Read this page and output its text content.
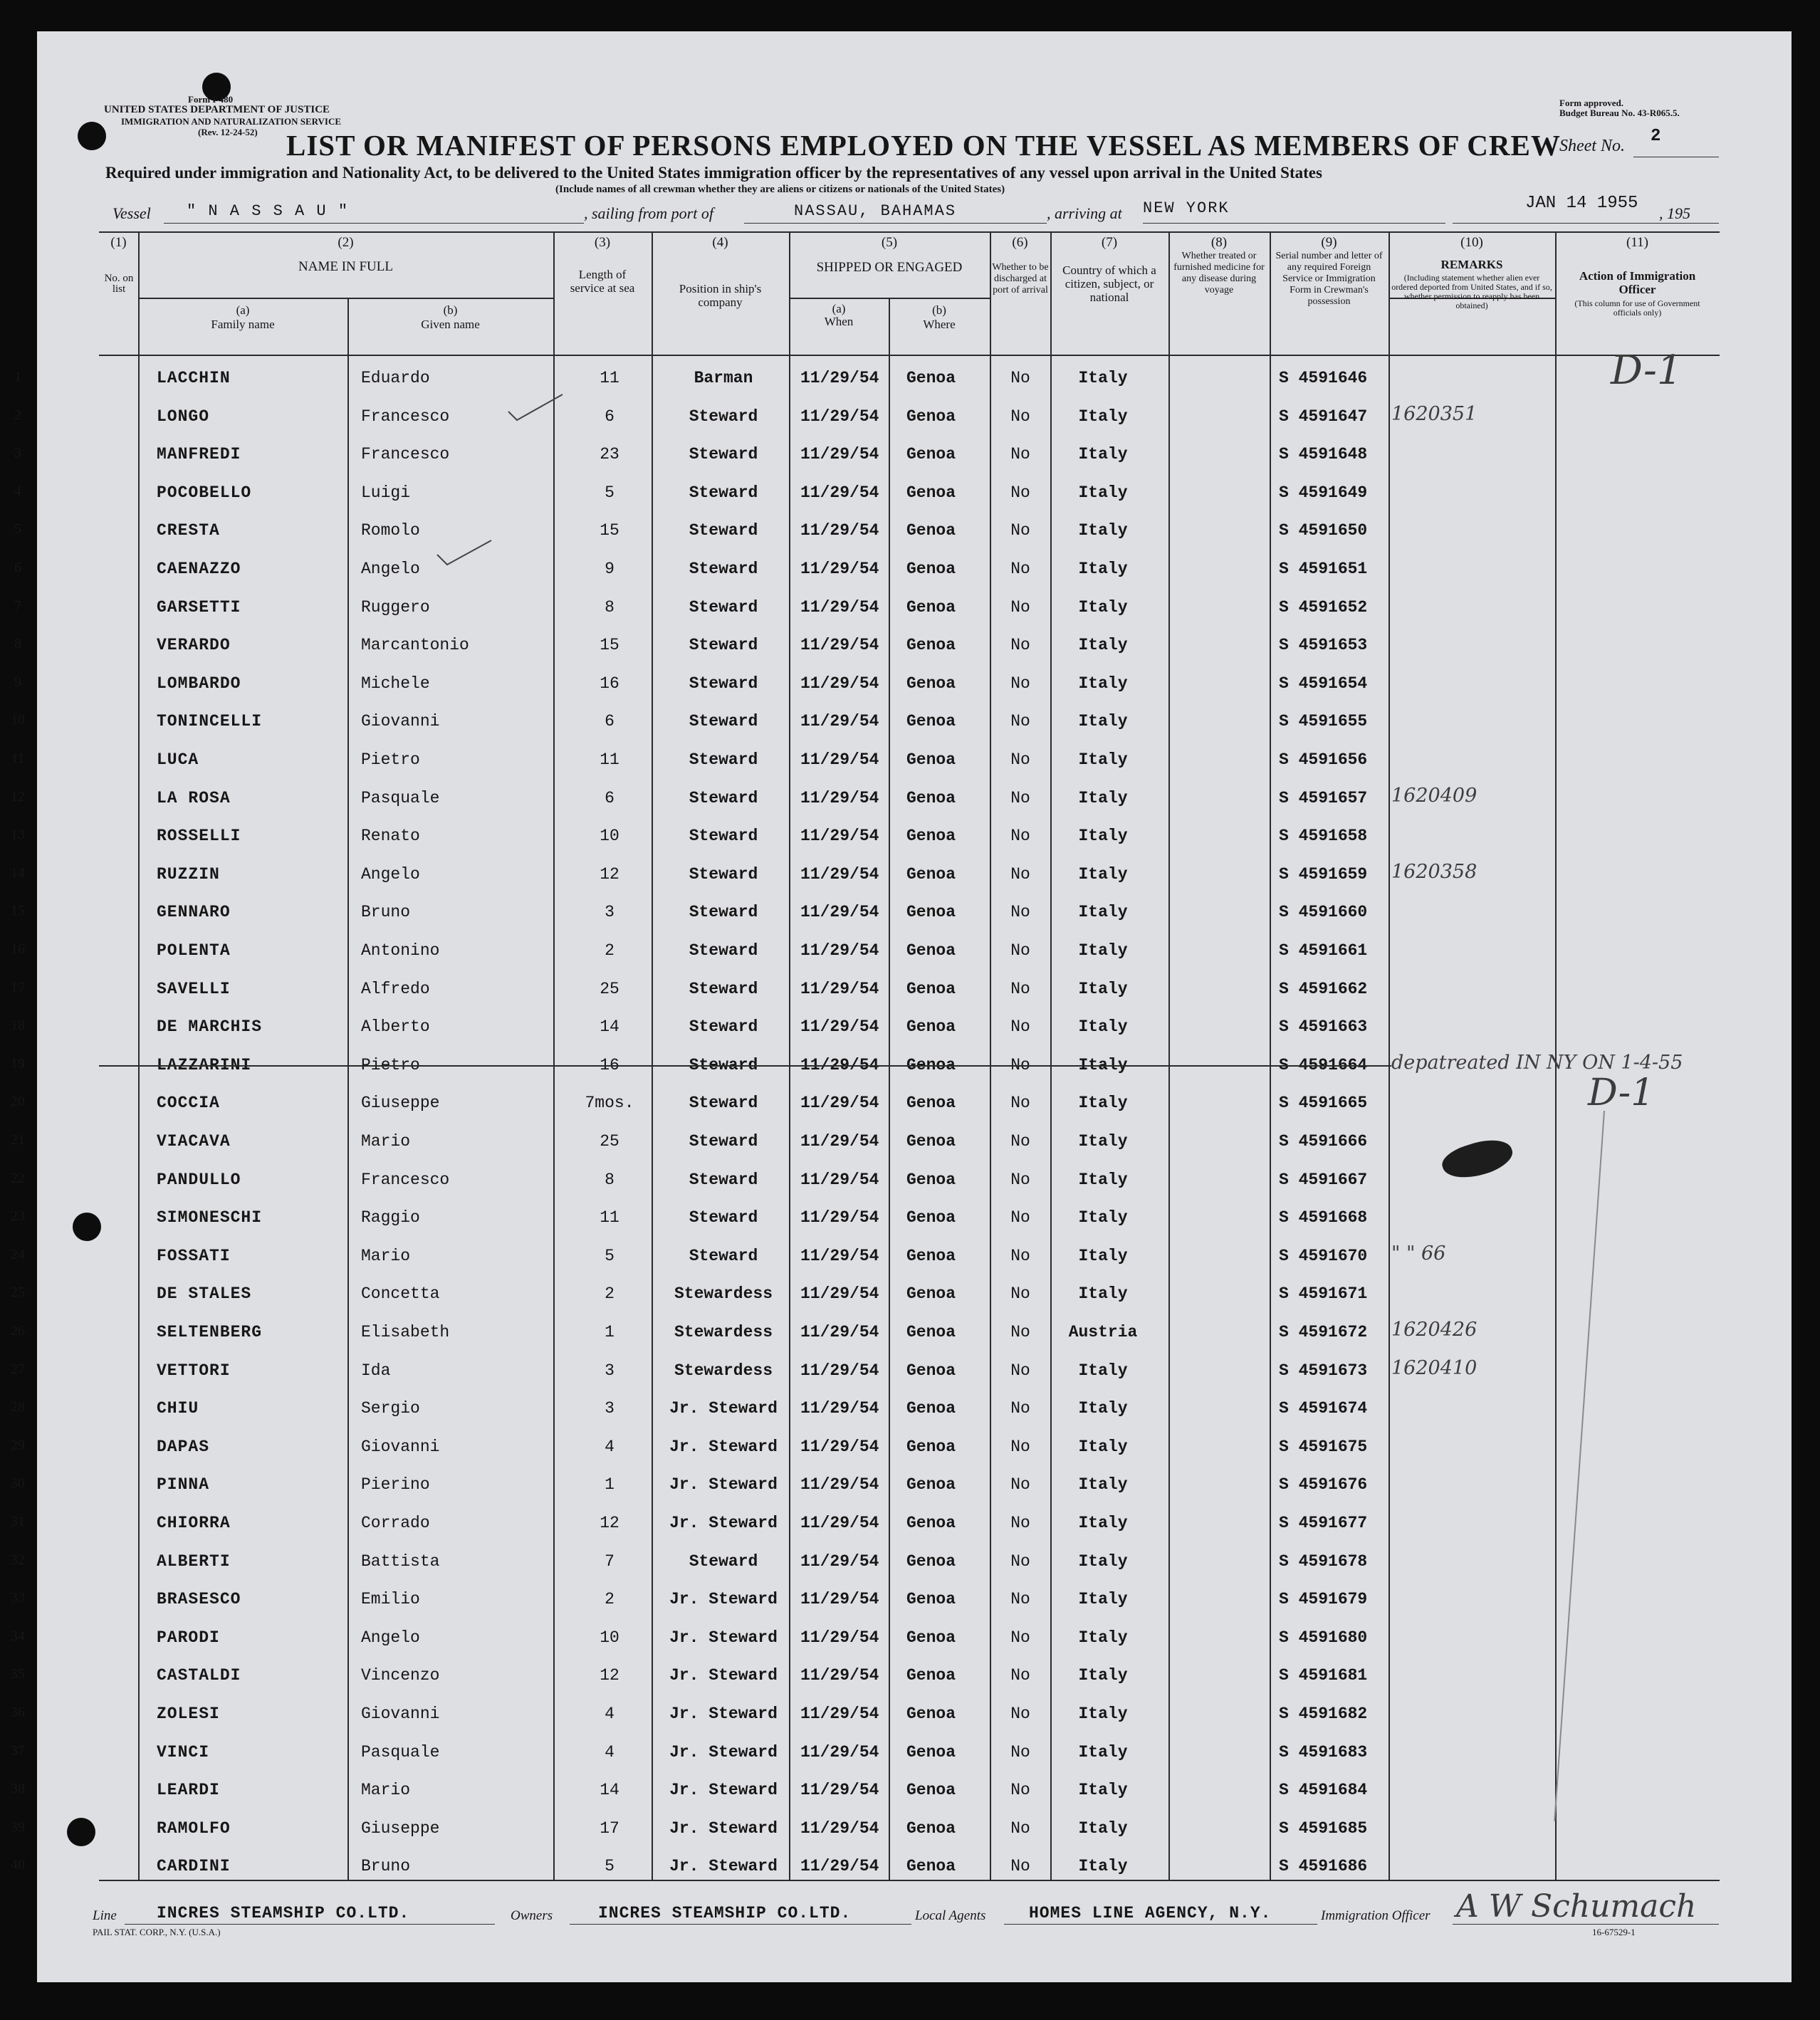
Form I-480
UNITED STATES DEPARTMENT OF JUSTICE
IMMIGRATION AND NATURALIZATION SERVICE
(Rev. 12-24-52)
Form approved.
Budget Bureau No. 43-R065.5.
LIST OR MANIFEST OF PERSONS EMPLOYED ON THE VESSEL AS MEMBERS OF CREW
Sheet No. 2
Required under immigration and Nationality Act, to be delivered to the United States immigration officer by the representatives of any vessel upon arrival in the United States
(Include names of all crewman whether they are aliens or citizens or nationals of the United States)
Vessel " N A S S A U "	, sailing from port of	NASSAU, BAHAMAS	, arriving at NEW YORK	JAN 14 1955
, 195
(1)	(2)	(3)	(4)	(5)	(6)	(7)	(8)	(9)	(10)	(11)
No. on list
NAME IN FULL
(a)
Family name
(b)
Given name
Length of service at sea	Position in ship's company
SHIPPED OR ENGAGED
(a)
When
(b)
Where
Whether to be discharged at port of arrival
Country of which a citizen, subject, or national
Whether treated or furnished medicine for any disease during voyage
Serial number and letter of any required Foreign Service or Immigration Form in Crewman's possession
REMARKS
(Including statement whether alien ever ordered deported from United States, and if so, whether permission to reapply has been obtained)
Action of Immigration Officer
(This column for use of Government officials only)
1	LACCHIN	Eduardo	11	Barman	11/29/54 Genoa	No	Italy	S 4591646
2	LONGO	Francesco	6	Steward	11/29/54 Genoa	No	Italy	S 4591647 1620351
3	MANFREDI	Francesco	23	Steward	11/29/54 Genoa	No	Italy	S 4591648
4	POCOBELLO	Luigi	5	Steward	11/29/54 Genoa	No	Italy	S 4591649
5	CRESTA	Romolo	15	Steward	11/29/54 Genoa	No	Italy	S 4591650
6	CAENAZZO	Angelo	9	Steward	11/29/54 Genoa	No	Italy	S 4591651
7	GARSETTI	Ruggero	8	Steward	11/29/54 Genoa	No	Italy	S 4591652
8	VERARDO	Marcantonio	15	Steward	11/29/54 Genoa	No	Italy	S 4591653
9	LOMBARDO	Michele	16	Steward	11/29/54 Genoa	No	Italy	S 4591654
10	TONINCELLI	Giovanni	6	Steward	11/29/54 Genoa	No	Italy	S 4591655
11	LUCA	Pietro	11	Steward	11/29/54 Genoa	No	Italy	S 4591656
12	LA ROSA	Pasquale	6	Steward	11/29/54 Genoa	No	Italy	S 4591657 1620409
13	ROSSELLI	Renato	10	Steward	11/29/54 Genoa	No	Italy	S 4591658
14	RUZZIN	Angelo	12	Steward	11/29/54 Genoa	No	Italy	S 4591659 1620358
15	GENNARO	Bruno	3	Steward	11/29/54 Genoa	No	Italy	S 4591660
16	POLENTA	Antonino	2	Steward	11/29/54 Genoa	No	Italy	S 4591661
17	SAVELLI	Alfredo	25	Steward	11/29/54 Genoa	No	Italy	S 4591662
18	DE MARCHIS	Alberto	14	Steward	11/29/54 Genoa	No	Italy	S 4591663
19	LAZZARINI	Pietro	16	Steward	11/29/54 Genoa	No	Italy	S 4591664 depatreated IN NY ON 1-4-55
20	COCCIA	Giuseppe	7mos.	Steward	11/29/54 Genoa	No	Italy	S 4591665
21	VIACAVA	Mario	25	Steward	11/29/54 Genoa	No	Italy	S 4591666
22	PANDULLO	Francesco	8	Steward	11/29/54 Genoa	No	Italy	S 4591667
23	SIMONESCHI	Raggio	11	Steward	11/29/54 Genoa	No	Italy	S 4591668
24	FOSSATI	Mario	5	Steward	11/29/54 Genoa	No	Italy	S 4591670 " " 66
25	DE STALES	Concetta	2	Stewardess	11/29/54 Genoa	No	Italy	S 4591671
26	SELTENBERG	Elisabeth	1	Stewardess	11/29/54 Genoa	No	Austria	S 4591672 1620426
27	VETTORI	Ida	3	Stewardess	11/29/54 Genoa	No	Italy	S 4591673 1620410
28	CHIU	Sergio	3	Jr. Steward	11/29/54 Genoa	No	Italy	S 4591674
29	DAPAS	Giovanni	4	Jr. Steward	11/29/54 Genoa	No	Italy	S 4591675
30	PINNA	Pierino	1	Jr. Steward	11/29/54 Genoa	No	Italy	S 4591676
31	CHIORRA	Corrado	12	Jr. Steward	11/29/54 Genoa	No	Italy	S 4591677
32	ALBERTI	Battista	7	Steward	11/29/54 Genoa	No	Italy	S 4591678
33	BRASESCO	Emilio	2	Jr. Steward	11/29/54 Genoa	No	Italy	S 4591679
34	PARODI	Angelo	10	Jr. Steward	11/29/54 Genoa	No	Italy	S 4591680
35	CASTALDI	Vincenzo	12	Jr. Steward	11/29/54 Genoa	No	Italy	S 4591681
36	ZOLESI	Giovanni	4	Jr. Steward	11/29/54 Genoa	No	Italy	S 4591682
37	VINCI	Pasquale	4	Jr. Steward	11/29/54 Genoa	No	Italy	S 4591683
38	LEARDI	Mario	14	Jr. Steward	11/29/54 Genoa	No	Italy	S 4591684
39	RAMOLFO	Giuseppe	17	Jr. Steward	11/29/54 Genoa	No	Italy	S 4591685
40	CARDINI	Bruno	5	Jr. Steward	11/29/54 Genoa	No	Italy	S 4591686
D-1
D-1
Line INCRES STEAMSHIP CO.LTD.	Owners	INCRES STEAMSHIP CO.LTD.	Local Agents	HOMES LINE AGENCY, N.Y.	Immigration Officer A W Schumach
PAIL STAT. CORP., N.Y. (U.S.A.)	16-67529-1
